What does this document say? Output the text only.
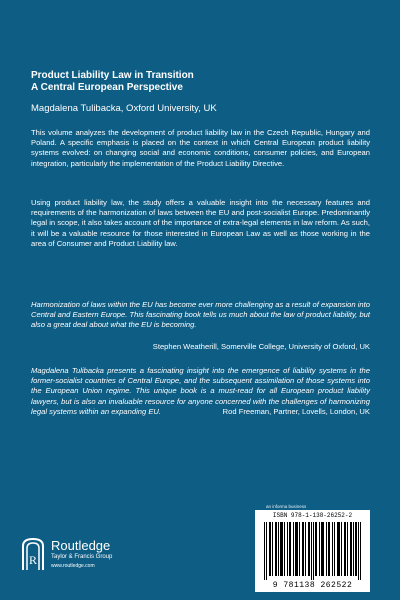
Product Liability Law in Transition
A Central European Perspective
Magdalena Tulibacka, Oxford University, UK

This volume analyzes the development of product liability law in the Czech Republic, Hungary and Poland. A specific emphasis is placed on the context in which Central European product liability systems evolved: on changing social and economic conditions, consumer policies, and European integration, particularly the implementation of the Product Liability Directive.

Using product liability law, the study offers a valuable insight into the necessary features and requirements of the harmonization of laws between the EU and post-socialist Europe. Predominantly legal in scope, it also takes account of the importance of extra-legal elements in law reform. As such, it will be a valuable resource for those interested in European Law as well as those working in the area of Consumer and Product Liability law.

Harmonization of laws within the EU has become ever more challenging as a result of expansion into Central and Eastern Europe. This fascinating book tells us much about the law of product liability, but also a great deal about what the EU is becoming.

Stephen Weatherill, Somerville College, University of Oxford, UK

Magdalena Tulibacka presents a fascinating insight into the emergence of liability systems in the former-socialist countries of Central Europe, and the subsequent assimilation of those systems into the European Union regime. This unique book is a must-read for all European product liability lawyers, but is also an invaluable resource for anyone concerned with the challenges of harmonizing legal systems within an expanding EU.	Rod Freeman, Partner, Lovells, London, UK
an informa business
ISBN 978-1-138-26252-2
9 781138 262522
R
Routledge
Taylor & Francis Group
www.routledge.com
